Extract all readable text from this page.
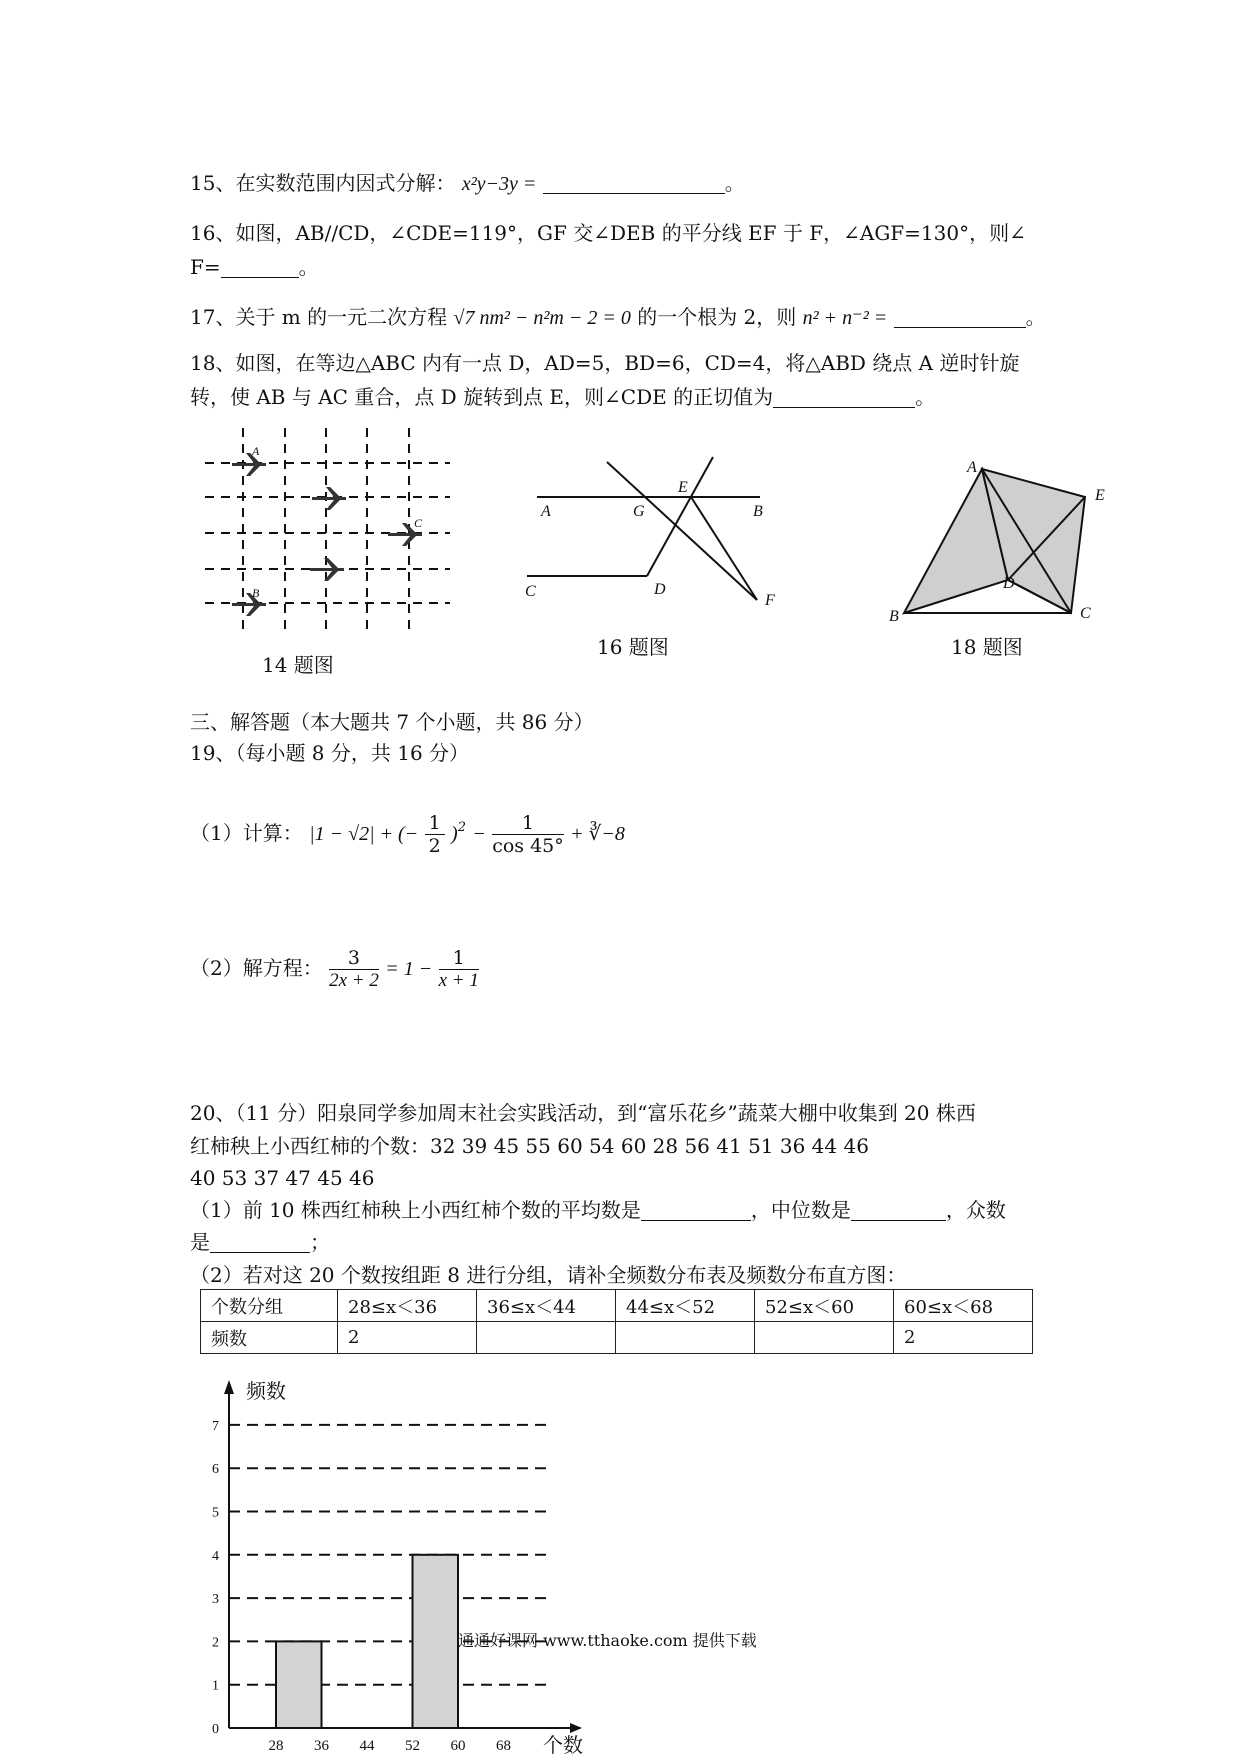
15、在实数范围内因式分解： x²y−3y =	。
16、如图，AB//CD，∠CDE=119°，GF 交∠DEB 的平分线 EF 于 F，∠AGF=130°，则∠
F=	。
17、关于 m 的一元二次方程 √7 nm² − n²m − 2 = 0 的一个根为 2，则 n² + n⁻² =	。
18、如图，在等边△ABC 内有一点 D，AD=5，BD=6，CD=4，将△ABD 绕点 A 逆时针旋
转，使 AB 与 AC 重合，点 D 旋转到点 E，则∠CDE 的正切值为	。
A
C
B
14 题图
E
A	G	B
C	D
F
16 题图
A
E
D
B	C
18 题图
三、解答题（本大题共 7 个小题，共 86 分）
19、（每小题 8 分，共 16 分）
（1）计算： |1 − √2| + (− $\frac{1}{2} )^2 - \frac{1}{\cos 45^\circ}$ + ∛−8
（2）解方程： $\frac{3}{2x + 2} = 1 - \frac{1}{x + 1}$
20、（11 分）阳泉同学参加周末社会实践活动，到“富乐花乡”蔬菜大棚中收集到 20 株西
红柿秧上小西红柿的个数：32 39 45 55 60 54 60 28 56 41 51 36 44 46
40 53 37 47 45 46
（1）前 10 株西红柿秧上小西红柿个数的平均数是	，中位数是	，众数
是	；
（2）若对这 20 个数按组距 8 进行分组，请补全频数分布表及频数分布直方图：
个数分组	28≤x＜36	36≤x＜44	44≤x＜52	52≤x＜60	60≤x＜68
频数	2				2
0
1
2
3
4
5
6
7
28 36 44 52 60 68
频数
个数
通通好课网 www.tthaoke.com 提供下载
